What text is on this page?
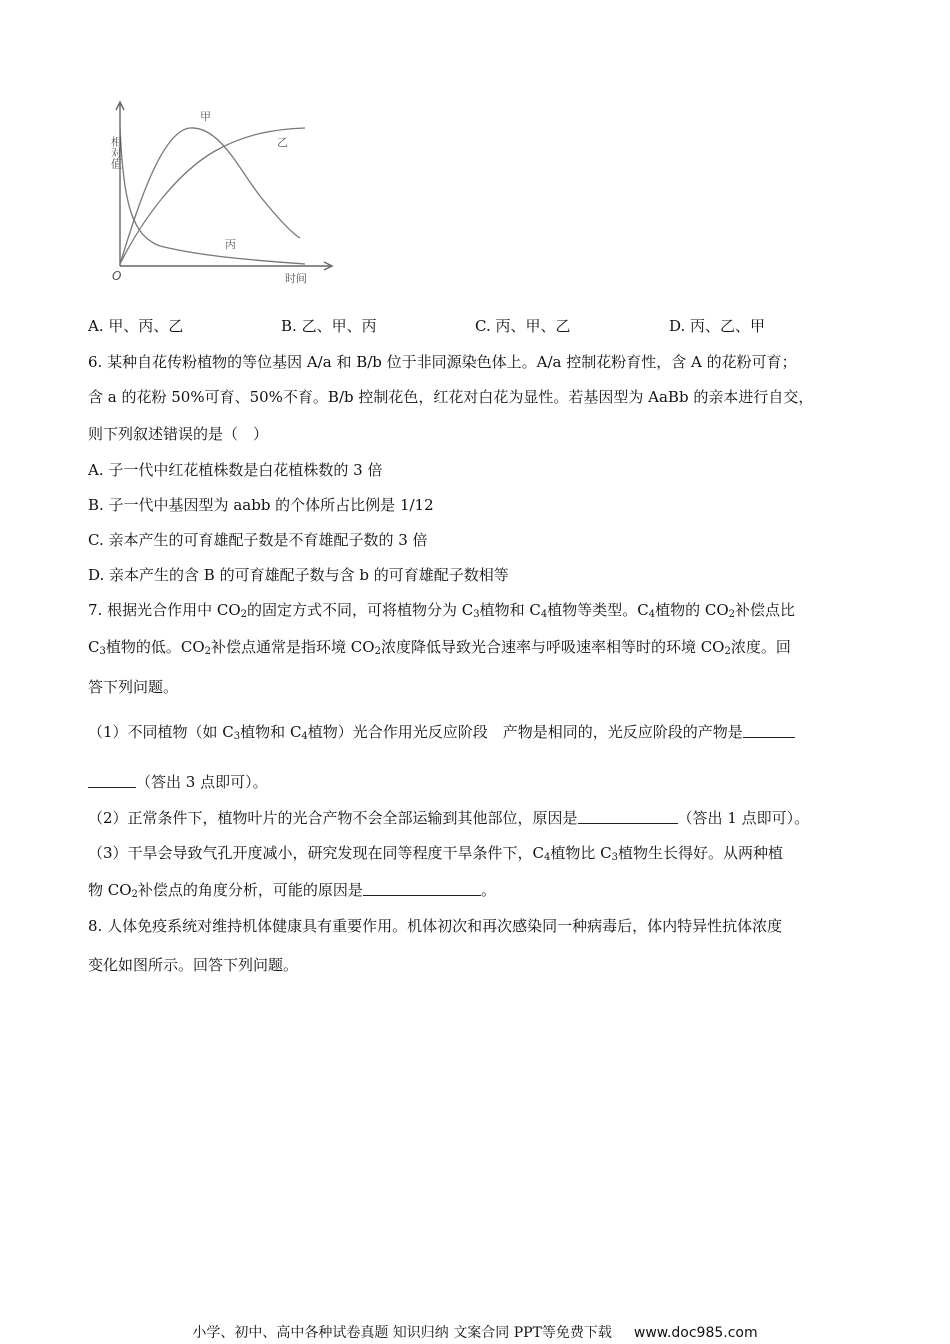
相对值
O	时间
甲
乙
丙
A. 甲、丙、乙	B. 乙、甲、丙	C. 丙、甲、乙	D. 丙、乙、甲
6. 某种自花传粉植物的等位基因 A/a 和 B/b 位于非同源染色体上。A/a 控制花粉育性，含 A 的花粉可育；
含 a 的花粉 50%可育、50%不育。B/b 控制花色，红花对白花为显性。若基因型为 AaBb 的亲本进行自交，
则下列叙述错误的是（　）
A. 子一代中红花植株数是白花植株数的 3 倍
B. 子一代中基因型为 aabb 的个体所占比例是 1/12
C. 亲本产生的可育雄配子数是不育雄配子数的 3 倍
D. 亲本产生的含 B 的可育雄配子数与含 b 的可育雄配子数相等
7. 根据光合作用中 $CO_2$的固定方式不同，可将植物分为 $C_3$植物和 $C_4$植物等类型。$C_4$植物的 $CO_2$补偿点比
$C_3$植物的低。$CO_2$补偿点通常是指环境 $CO_2$浓度降低导致光合速率与呼吸速率相等时的环境 $CO_2$浓度。回
答下列问题。
（1）不同植物（如 $C_3$植物和 $C_4$植物）光合作用光反应阶段　产物是相同的，光反应阶段的产物是
（答出 3 点即可）。
（2）正常条件下，植物叶片的光合产物不会全部运输到其他部位，原因是	（答出 1 点即可）。
（3）干旱会导致气孔开度减小，研究发现在同等程度干旱条件下，$C_4$植物比 $C_3$植物生长得好。从两种植
物 $CO_2$补偿点的角度分析，可能的原因是	。
8. 人体免疫系统对维持机体健康具有重要作用。机体初次和再次感染同一种病毒后，体内特异性抗体浓度
变化如图所示。回答下列问题。
小学、初中、高中各种试卷真题 知识归纳 文案合同 PPT等免费下载 www.doc985.com
